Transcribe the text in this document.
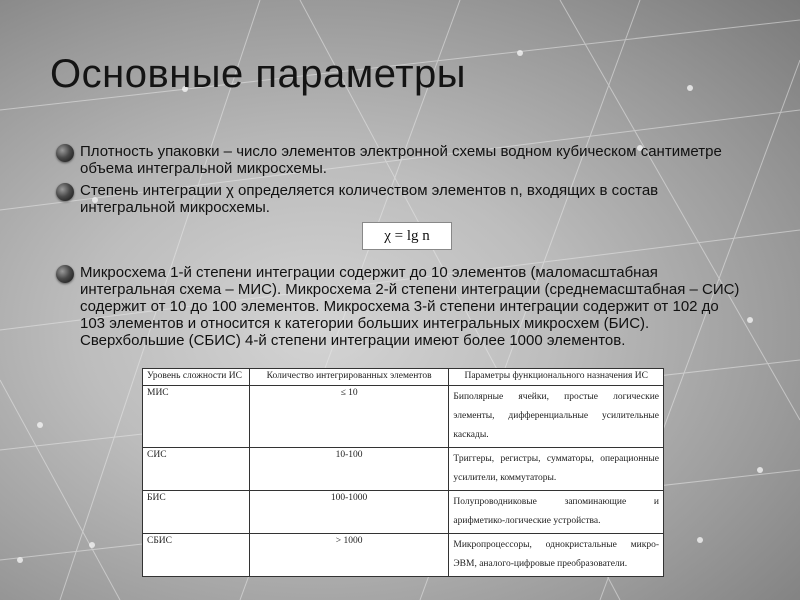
Основные параметры
Плотность упаковки – число элементов электронной схемы водном кубическом сантиметре объема интегральной микросхемы.
Степень интеграции χ определяется количеством элементов n, входящих в состав интегральной микросхемы.
χ = lg n
Микросхема 1-й степени интеграции содержит до 10 элементов (маломасштабная интегральная схема – МИС). Микросхема 2-й степени интеграции (среднемасштабная – СИС) содержит от 10 до 100 элементов. Микросхема 3-й степени интеграции содержит от 102 до 103 элементов и относится к категории больших интегральных микросхем (БИС). Сверхбольшие (СБИС) 4-й степени интеграции имеют более 1000 элементов.
Уровень сложности ИС	Количество интегрированных элементов	Параметры функционального назначения ИС
МИС	≤ 10	Биполярные ячейки, простые логические элементы, дифференциальные усилительные каскады.
СИС	10-100	Триггеры, регистры, сумматоры, операционные усилители, коммутаторы.
БИС	100-1000	Полупроводниковые запоминающие и арифметико-логические устройства.
СБИС	> 1000	Микропроцессоры, однокристальные микро-ЭВМ, аналого-цифровые преобразователи.
